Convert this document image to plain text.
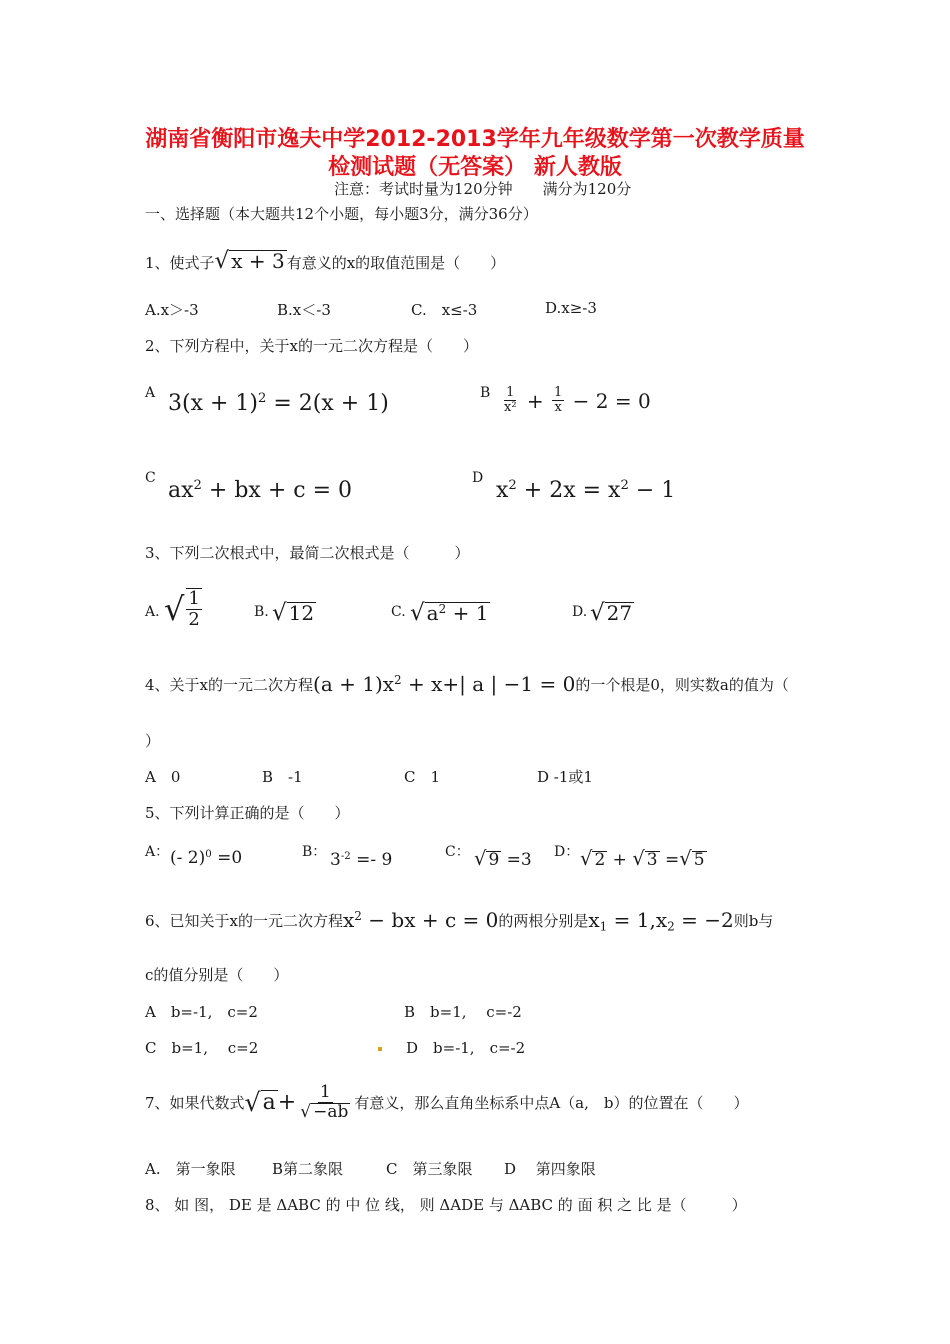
湖南省衡阳市逸夫中学2012-2013学年九年级数学第一次教学质量
检测试题（无答案） 新人教版
注意：考试时量为120分钟　　满分为120分
一、选择题（本大题共12个小题，每小题3分，满分36分）
1、使式子√ x + 3 有意义的x的取值范围是（　　）
A.x＞-3	B.x＜-3	C.　x≤-3	D.x≥-3
2、下列方程中，关于x的一元二次方程是（　　）
A $3(x + 1)^2 = 2(x + 1)$	B $\frac{1}{\text{x²}} + \frac{1}{x}$
− 2 = 0
C $ax^2$ + bx + c = 0	D $x^2 + 2x = x^2 - 1$
3、下列二次根式中，最简二次根式是（　　　）
A. √ $\frac{1}{2}$	B. √ 12	C. √ $a^2 + 1$	D. √ 27
4、关于x的一元二次方程 $(a + 1)x^2 + x+|$ a | −1 = 0 的一个根是0，则实数a的值为（
）
A　0	B　-1	C　1	D -1或1
5、下列计算正确的是（　　）
A： (- 2)$^0$ =0	B： $3^{-2} =- 9$	C： √ 9 =3 D： √ 2 + √ 3 =√ 5
6、已知关于x的一元二次方程 $x^2$ − bx + c = 0 的两根分别是 $x_1 = 1,x_2 = -2$ 则b与
c的值分别是（　　）
A　b=-1,　c=2	B　b=1,　 c=-2
C　b=1,　 c=2	D　b=-1,　c=-2
7、如果代数式 √ $a + \frac{1}{√ -ab}$ 有意义，那么直角坐标系中点A（a,　b）的位置在（　　）
A.　第一象限 B第二象限	C　第三象限 D　 第四象限
8、 如 图， DE 是 ΔABC 的 中 位 线， 则 ΔADE 与 ΔABC 的 面 积 之 比 是（　　　）
